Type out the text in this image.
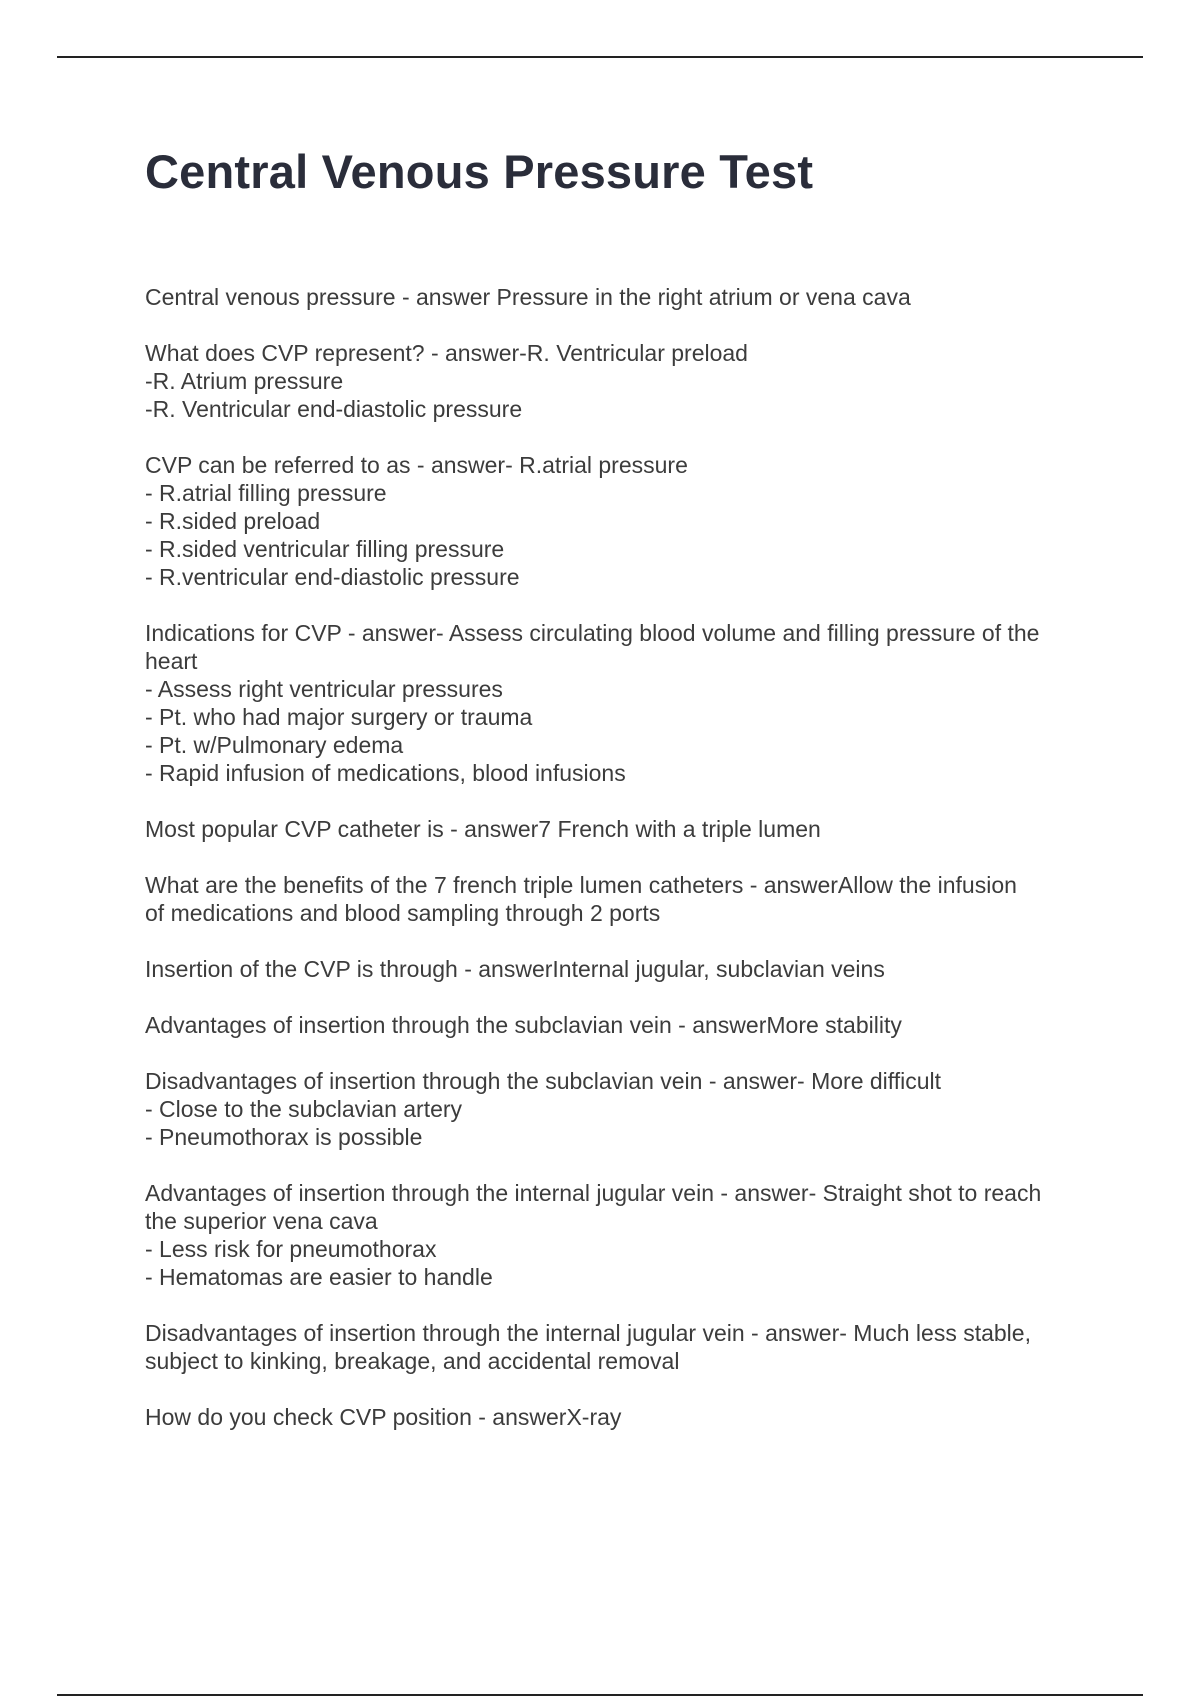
Central Venous Pressure Test
Central venous pressure - answer Pressure in the right atrium or vena cava
What does CVP represent? - answer-R. Ventricular preload
-R. Atrium pressure
-R. Ventricular end-diastolic pressure
CVP can be referred to as - answer- R.atrial pressure
- R.atrial filling pressure
- R.sided preload
- R.sided ventricular filling pressure
- R.ventricular end-diastolic pressure
Indications for CVP - answer- Assess circulating blood volume and filling pressure of the
heart
- Assess right ventricular pressures
- Pt. who had major surgery or trauma
- Pt. w/Pulmonary edema
- Rapid infusion of medications, blood infusions
Most popular CVP catheter is - answer7 French with a triple lumen
What are the benefits of the 7 french triple lumen catheters - answerAllow the infusion
of medications and blood sampling through 2 ports
Insertion of the CVP is through - answerInternal jugular, subclavian veins
Advantages of insertion through the subclavian vein - answerMore stability
Disadvantages of insertion through the subclavian vein - answer- More difficult
- Close to the subclavian artery
- Pneumothorax is possible
Advantages of insertion through the internal jugular vein - answer- Straight shot to reach
the superior vena cava
- Less risk for pneumothorax
- Hematomas are easier to handle
Disadvantages of insertion through the internal jugular vein - answer- Much less stable,
subject to kinking, breakage, and accidental removal
How do you check CVP position - answerX-ray
